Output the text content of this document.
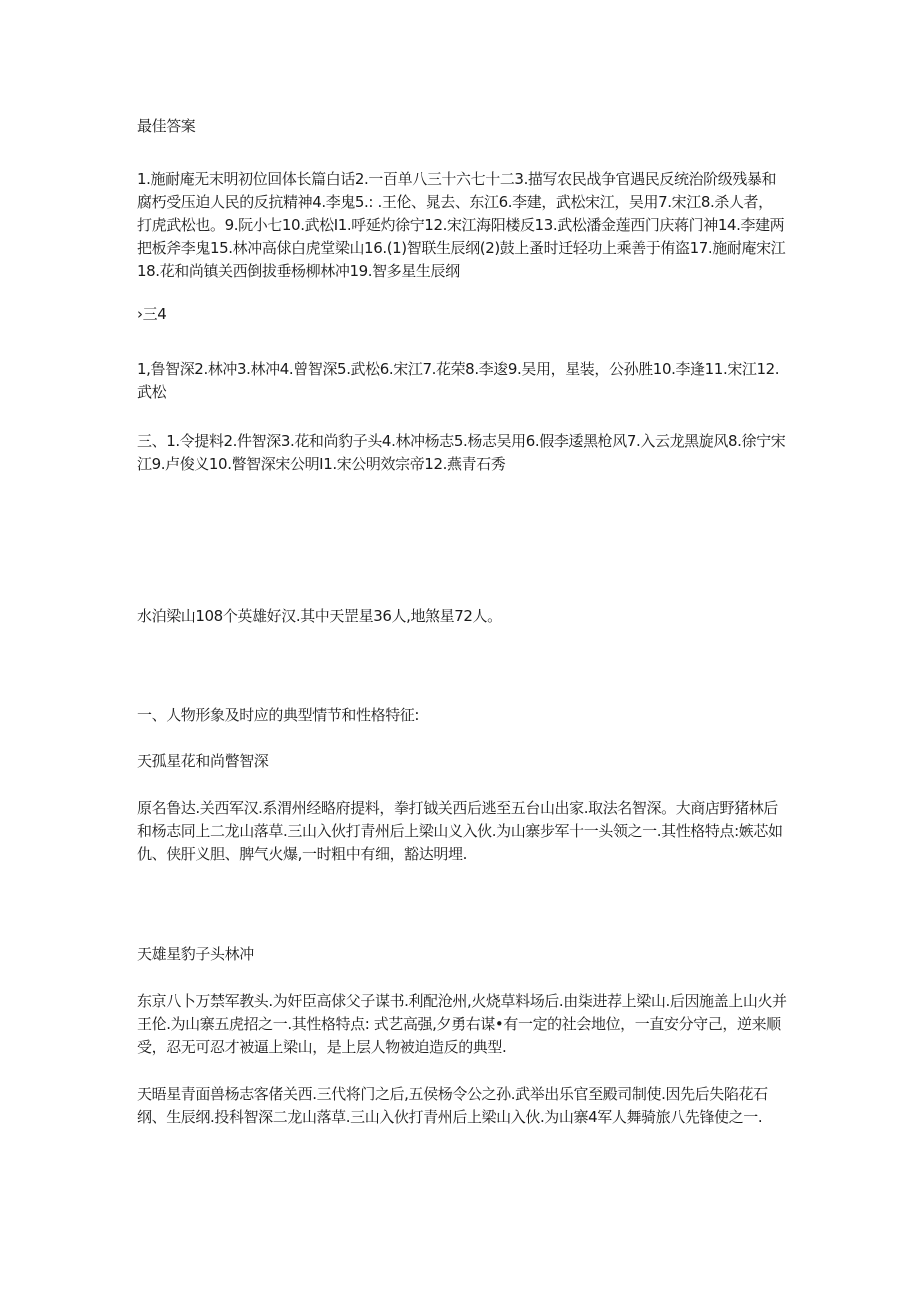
最佳答案

1.施耐庵无末明初位回体长篇白话2.一百单八三十六七十二3.描写农民战争官遇民反统治阶级残暴和腐朽受压迫人民的反抗精神4.李鬼5.: .王伦、晁去、东江6.李建，武松宋江，吴用7.宋江8.杀人者，打虎武松也。9.阮小七10.武松I1.呼延灼徐宁12.宋江海阳楼反13.武松潘金莲西门庆蒋门神14.李建两把板斧李鬼15.林冲高俅白虎堂梁山16.(1)智联生辰纲(2)鼓上蚤时迁轻功上乘善于侑盗17.施耐庵宋江18.花和尚镇关西倒拔垂杨柳林冲19.智多星生辰纲

›三4

1,鲁智深2.林冲3.林冲4.曾智深5.武松6.宋江7.花荣8.李逡9.吴用，星装，公孙胜10.李逢11.宋江12.武松

三、1.令提料2.件智深3.花和尚豹子头4.林冲杨志5.杨志吴用6.假李逶黑枪风7.入云龙黑旋风8.徐宁宋江9.卢俊义10.瞥智深宋公明I1.宋公明效宗帝12.燕青石秀

水泊梁山108个英雄好汉.其中天罡星36人,地煞星72人。

一、人物形象及时应的典型情节和性格特征:

天孤星花和尚瞥智深

原名鲁达.关西军汉.系渭州经略府提料，拳打钺关西后逃至五台山出家.取法名智深。大商店野猪林后和杨志同上二龙山落草.三山入伙打青州后上梁山义入伙.为山寨步军十一头领之一.其性格特点:嫉芯如仇、侠肝义胆、脾气火爆,一时粗中有细，豁达明埋.

天雄星豹子头林冲

东京八卜万禁军教头.为奸臣高俅父子谋书.利配沧州,火烧草料场后.由柒进荐上梁山.后因施盖上山火并王伦.为山寨五虎招之一.其性格特点: 式艺高强,夕勇右谋•有一定的社会地位，一直安分守己，逆来顺受，忍无可忍才被逼上梁山，是上层人物被迫造反的典型.

天晤星青面兽杨志客偖关西.三代将门之后,五侯杨令公之孙.武举出乐官至殿司制使.因先后失陷花石纲、生辰纲.投科智深二龙山落草.三山入伙打青州后上梁山入伙.为山寨4军人舞骑旅八先锋使之一.
